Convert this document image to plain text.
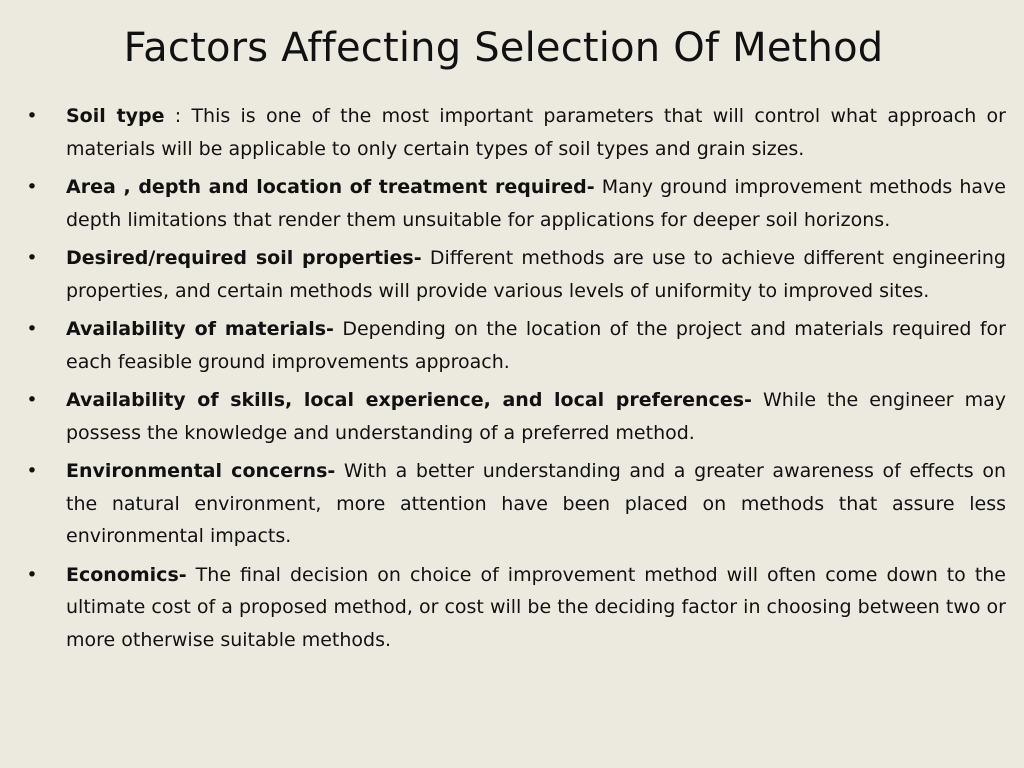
Factors Affecting Selection Of Method
• Soil type : This is one of the most important parameters that will control what approach or materials will be applicable to only certain types of soil types and grain sizes.
• Area , depth and location of treatment required- Many ground improvement methods have depth limitations that render them unsuitable for applications for deeper soil horizons.
• Desired/required soil properties- Different methods are use to achieve different engineering properties, and certain methods will provide various levels of uniformity to improved sites.
• Availability of materials- Depending on the location of the project and materials required for each feasible ground improvements approach.
• Availability of skills, local experience, and local preferences- While the engineer may possess the knowledge and understanding of a preferred method.
• Environmental concerns- With a better understanding and a greater awareness of effects on the natural environment, more attention have been placed on methods that assure less environmental impacts.
• Economics- The final decision on choice of improvement method will often come down to the ultimate cost of a proposed method, or cost will be the deciding factor in choosing between two or more otherwise suitable methods.
